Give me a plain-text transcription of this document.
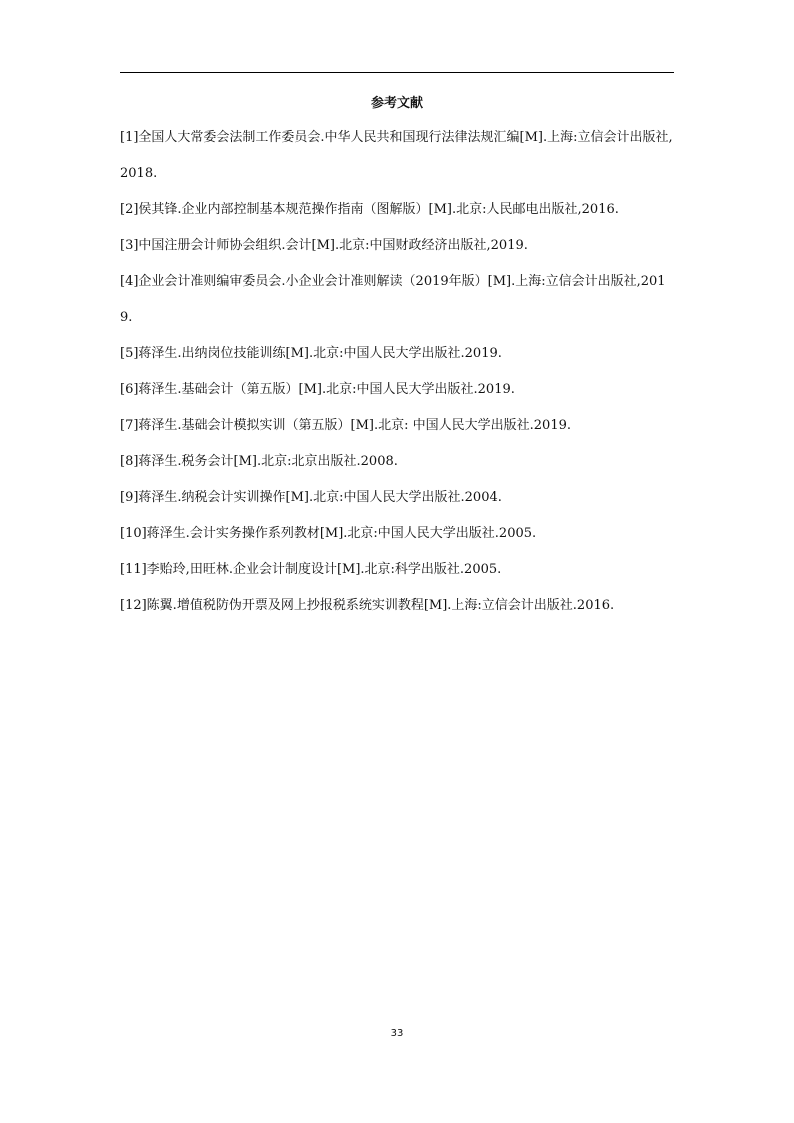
参考文献
[1]全国人大常委会法制工作委员会.中华人民共和国现行法律法规汇编[M].上海:立信会计出版社,2018.
[2]侯其锋.企业内部控制基本规范操作指南（图解版）[M].北京:人民邮电出版社,2016.
[3]中国注册会计师协会组织.会计[M].北京:中国财政经济出版社,2019.
[4]企业会计准则编审委员会.小企业会计准则解读（2019年版）[M].上海:立信会计出版社,2019.
[5]蒋泽生.出纳岗位技能训练[M].北京:中国人民大学出版社.2019.
[6]蒋泽生.基础会计（第五版）[M].北京:中国人民大学出版社.2019.
[7]蒋泽生.基础会计模拟实训（第五版）[M].北京: 中国人民大学出版社.2019.
[8]蒋泽生.税务会计[M].北京:北京出版社.2008.
[9]蒋泽生.纳税会计实训操作[M].北京:中国人民大学出版社.2004.
[10]蒋泽生.会计实务操作系列教材[M].北京:中国人民大学出版社.2005.
[11]李贻玲,田旺林.企业会计制度设计[M].北京:科学出版社.2005.
[12]陈翼.增值税防伪开票及网上抄报税系统实训教程[M].上海:立信会计出版社.2016.
33
